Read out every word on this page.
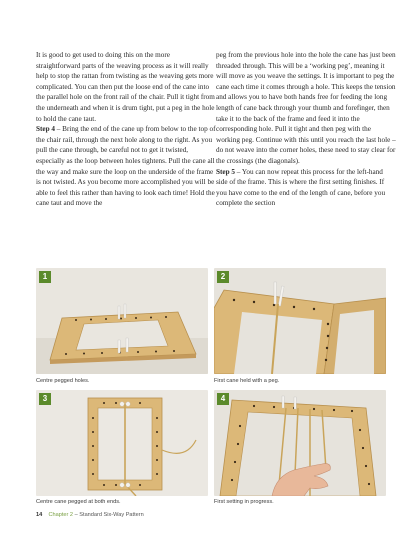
It is good to get used to doing this on the more straightforward parts of the weaving process as it will really help to stop the rattan from twisting as the weaving gets more complicated. You can then put the loose end of the cane into the parallel hole on the front rail of the chair. Pull it tight from the underneath and when it is drum tight, put a peg in the hole to hold the cane taut.

Step 4 – Bring the end of the cane up from below to the top of the chair rail, through the next hole along to the right. As you pull the cane through, be careful not to get it twisted, especially as the loop between holes tightens. Pull the cane all the way and make sure the loop on the underside of the frame is not twisted. As you become more accomplished you will be able to feel this rather than having to look each time! Hold the cane taut and move the

peg from the previous hole into the hole the cane has just been threaded through. This will be a ‘working peg’, meaning it will move as you weave the settings. It is important to peg the cane each time it comes through a hole. This keeps the tension and allows you to have both hands free for feeding the long length of cane back through your thumb and forefinger, then take it to the back of the frame and feed it into the corresponding hole. Pull it tight and then peg with the working peg. Continue with this until you reach the last hole – do not weave into the corner holes, these need to stay clear for the crossings (the diagonals).

Step 5 – You can now repeat this process for the left-hand side of the frame. This is where the first setting finishes. If you have come to the end of the length of cane, before you complete the section

1
Centre pegged holes.
2
First cane held with a peg.
3
Centre cane pegged at both ends.
4
First setting in progress.
14 Chapter 2 – Standard Six-Way Pattern
